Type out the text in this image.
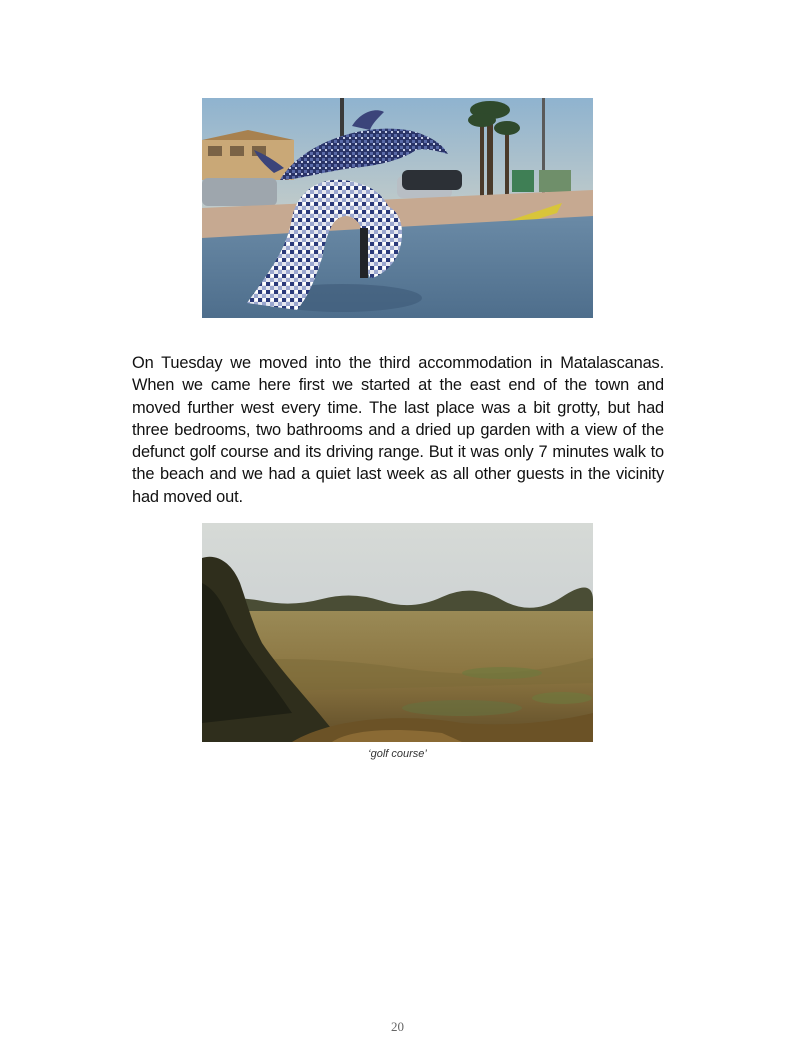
On Tuesday we moved into the third accommodation in Matalascanas. When we came here first we started at the east end of the town and moved further west every time. The last place was a bit grotty, but had three bedrooms, two bathrooms and a dried up garden with a view of the defunct golf course and its driving range. But it was only 7 minutes walk to the beach and we had a quiet last week as all other guests in the vicinity had moved out.

‘golf course’
20
